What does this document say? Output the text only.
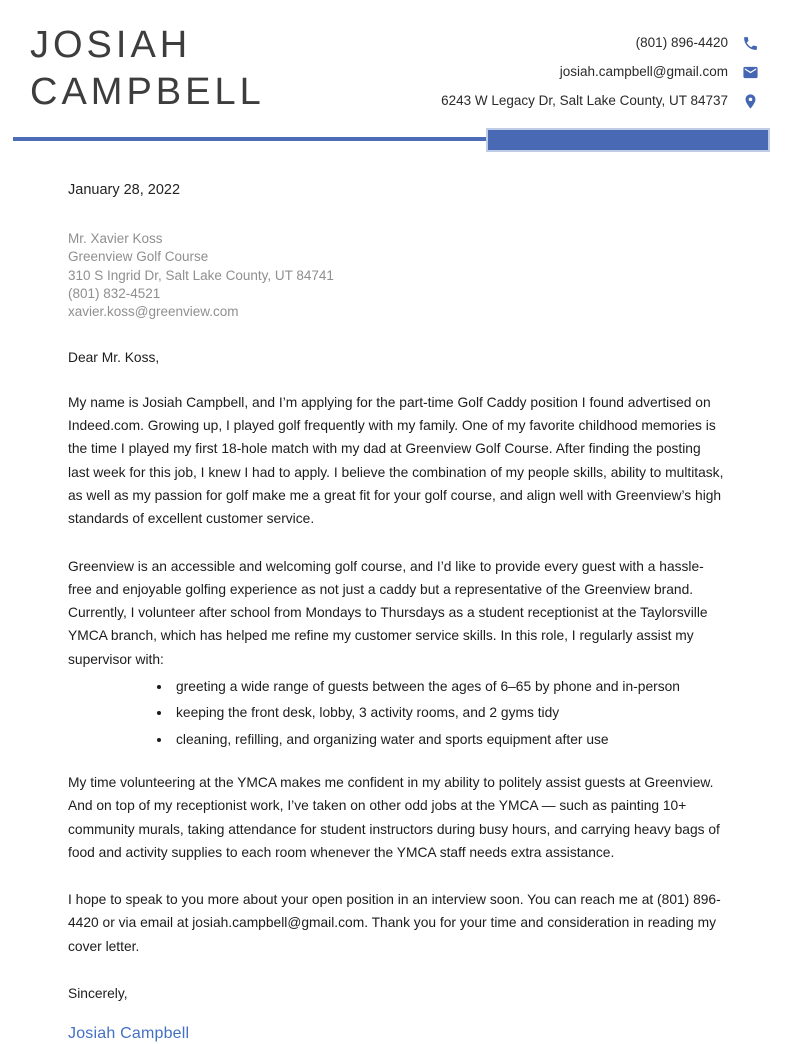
JOSIAH
CAMPBELL
(801) 896-4420
josiah.campbell@gmail.com
6243 W Legacy Dr, Salt Lake County, UT 84737

January 28, 2022

Mr. Xavier Koss
Greenview Golf Course
310 S Ingrid Dr, Salt Lake County, UT 84741
(801) 832-4521
xavier.koss@greenview.com

Dear Mr. Koss,

My name is Josiah Campbell, and I’m applying for the part-time Golf Caddy position I found advertised on Indeed.com. Growing up, I played golf frequently with my family. One of my favorite childhood memories is the time I played my first 18-hole match with my dad at Greenview Golf Course. After finding the posting last week for this job, I knew I had to apply. I believe the combination of my people skills, ability to multitask, as well as my passion for golf make me a great fit for your golf course, and align well with Greenview’s high standards of excellent customer service.

Greenview is an accessible and welcoming golf course, and I’d like to provide every guest with a hassle-free and enjoyable golfing experience as not just a caddy but a representative of the Greenview brand. Currently, I volunteer after school from Mondays to Thursdays as a student receptionist at the Taylorsville YMCA branch, which has helped me refine my customer service skills. In this role, I regularly assist my supervisor with:

• greeting a wide range of guests between the ages of 6–65 by phone and in-person
• keeping the front desk, lobby, 3 activity rooms, and 2 gyms tidy
• cleaning, refilling, and organizing water and sports equipment after use

My time volunteering at the YMCA makes me confident in my ability to politely assist guests at Greenview. And on top of my receptionist work, I’ve taken on other odd jobs at the YMCA — such as painting 10+ community murals, taking attendance for student instructors during busy hours, and carrying heavy bags of food and activity supplies to each room whenever the YMCA staff needs extra assistance.

I hope to speak to you more about your open position in an interview soon. You can reach me at (801) 896-4420 or via email at josiah.campbell@gmail.com. Thank you for your time and consideration in reading my cover letter.

Sincerely,

Josiah Campbell
